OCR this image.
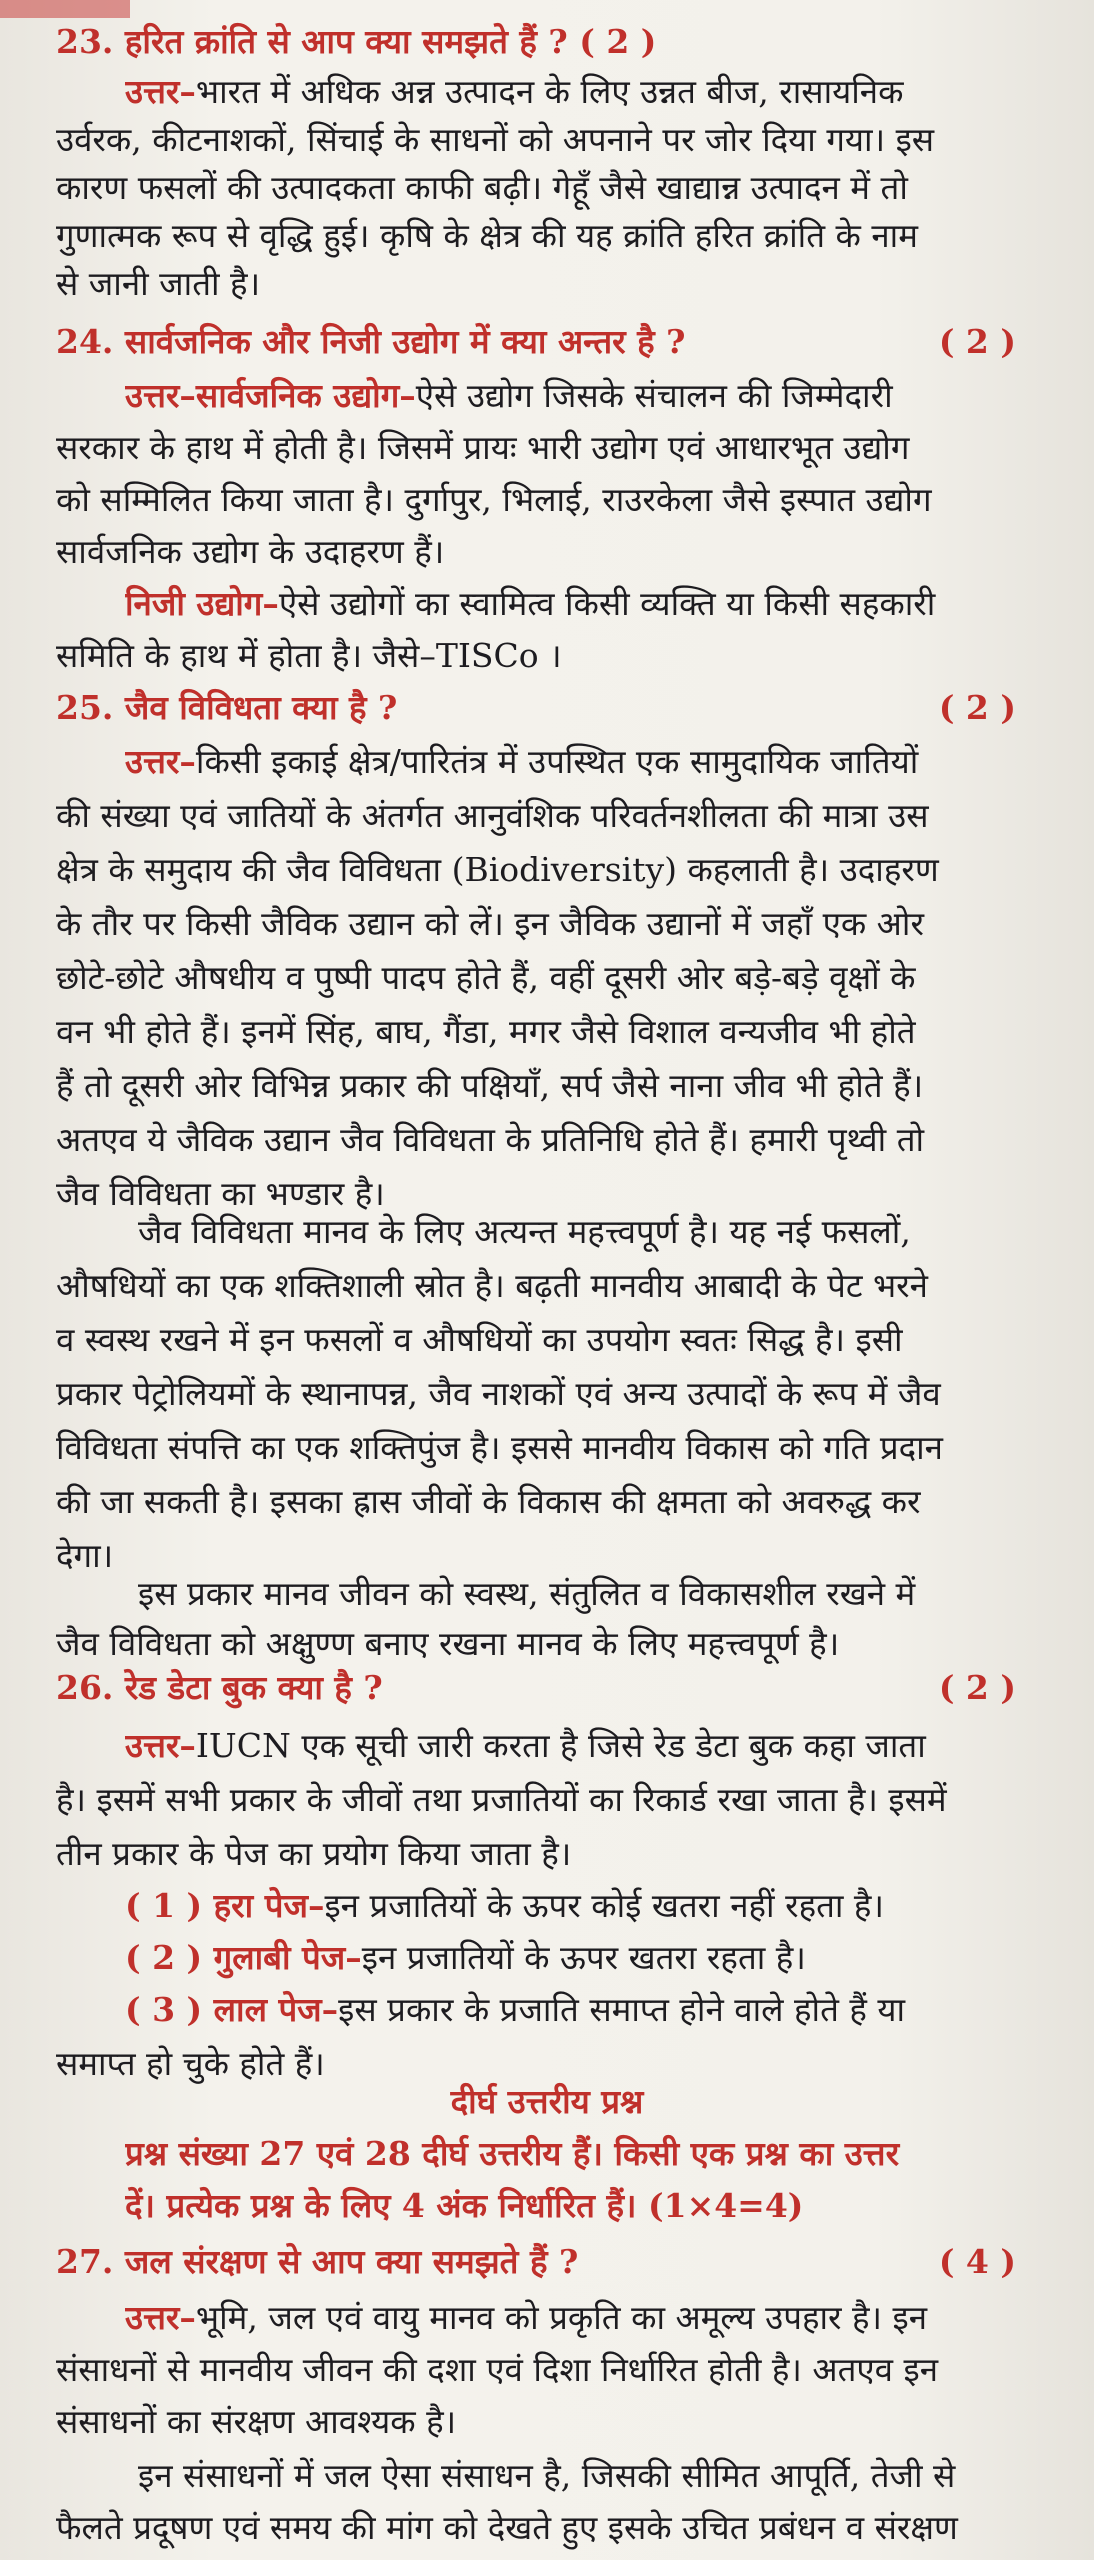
23. हरित क्रांति से आप क्या समझते हैं ? ( 2 )
उत्तर–भारत में अधिक अन्न उत्पादन के लिए उन्नत बीज, रासायनिक
उर्वरक, कीटनाशकों, सिंचाई के साधनों को अपनाने पर जोर दिया गया। इस
कारण फसलों की उत्पादकता काफी बढ़ी। गेहूँ जैसे खाद्यान्न उत्पादन में तो
गुणात्मक रूप से वृद्धि हुई। कृषि के क्षेत्र की यह क्रांति हरित क्रांति के नाम
से जानी जाती है।
24. सार्वजनिक और निजी उद्योग में क्या अन्तर है ?	( 2 )
उत्तर–सार्वजनिक उद्योग–ऐसे उद्योग जिसके संचालन की जिम्मेदारी
सरकार के हाथ में होती है। जिसमें प्रायः भारी उद्योग एवं आधारभूत उद्योग
को सम्मिलित किया जाता है। दुर्गापुर, भिलाई, राउरकेला जैसे इस्पात उद्योग
सार्वजनिक उद्योग के उदाहरण हैं।
निजी उद्योग–ऐसे उद्योगों का स्वामित्व किसी व्यक्ति या किसी सहकारी
समिति के हाथ में होता है। जैसे–TISCo ।
25. जैव विविधता क्या है ?	( 2 )
उत्तर–किसी इकाई क्षेत्र/पारितंत्र में उपस्थित एक सामुदायिक जातियों
की संख्या एवं जातियों के अंतर्गत आनुवंशिक परिवर्तनशीलता की मात्रा उस
क्षेत्र के समुदाय की जैव विविधता (Biodiversity) कहलाती है। उदाहरण
के तौर पर किसी जैविक उद्यान को लें। इन जैविक उद्यानों में जहाँ एक ओर
छोटे-छोटे औषधीय व पुष्पी पादप होते हैं, वहीं दूसरी ओर बड़े-बड़े वृक्षों के
वन भी होते हैं। इनमें सिंह, बाघ, गैंडा, मगर जैसे विशाल वन्यजीव भी होते
हैं तो दूसरी ओर विभिन्न प्रकार की पक्षियाँ, सर्प जैसे नाना जीव भी होते हैं।
अतएव ये जैविक उद्यान जैव विविधता के प्रतिनिधि होते हैं। हमारी पृथ्वी तो
जैव विविधता का भण्डार है।
जैव विविधता मानव के लिए अत्यन्त महत्त्वपूर्ण है। यह नई फसलों,
औषधियों का एक शक्तिशाली स्रोत है। बढ़ती मानवीय आबादी के पेट भरने
व स्वस्थ रखने में इन फसलों व औषधियों का उपयोग स्वतः सिद्ध है। इसी
प्रकार पेट्रोलियमों के स्थानापन्न, जैव नाशकों एवं अन्य उत्पादों के रूप में जैव
विविधता संपत्ति का एक शक्तिपुंज है। इससे मानवीय विकास को गति प्रदान
की जा सकती है। इसका ह्रास जीवों के विकास की क्षमता को अवरुद्ध कर
देगा।
इस प्रकार मानव जीवन को स्वस्थ, संतुलित व विकासशील रखने में
जैव विविधता को अक्षुण्ण बनाए रखना मानव के लिए महत्त्वपूर्ण है।
26. रेड डेटा बुक क्या है ?	( 2 )
उत्तर–IUCN एक सूची जारी करता है जिसे रेड डेटा बुक कहा जाता
है। इसमें सभी प्रकार के जीवों तथा प्रजातियों का रिकार्ड रखा जाता है। इसमें
तीन प्रकार के पेज का प्रयोग किया जाता है।
( 1 ) हरा पेज–इन प्रजातियों के ऊपर कोई खतरा नहीं रहता है।
( 2 ) गुलाबी पेज–इन प्रजातियों के ऊपर खतरा रहता है।
( 3 ) लाल पेज–इस प्रकार के प्रजाति समाप्त होने वाले होते हैं या
समाप्त हो चुके होते हैं।
दीर्घ उत्तरीय प्रश्न
प्रश्न संख्या 27 एवं 28 दीर्घ उत्तरीय हैं। किसी एक प्रश्न का उत्तर
दें। प्रत्येक प्रश्न के लिए 4 अंक निर्धारित हैं। (1×4=4)
27. जल संरक्षण से आप क्या समझते हैं ?	( 4 )
उत्तर–भूमि, जल एवं वायु मानव को प्रकृति का अमूल्य उपहार है। इन
संसाधनों से मानवीय जीवन की दशा एवं दिशा निर्धारित होती है। अतएव इन
संसाधनों का संरक्षण आवश्यक है।
इन संसाधनों में जल ऐसा संसाधन है, जिसकी सीमित आपूर्ति, तेजी से
फैलते प्रदूषण एवं समय की मांग को देखते हुए इसके उचित प्रबंधन व संरक्षण
